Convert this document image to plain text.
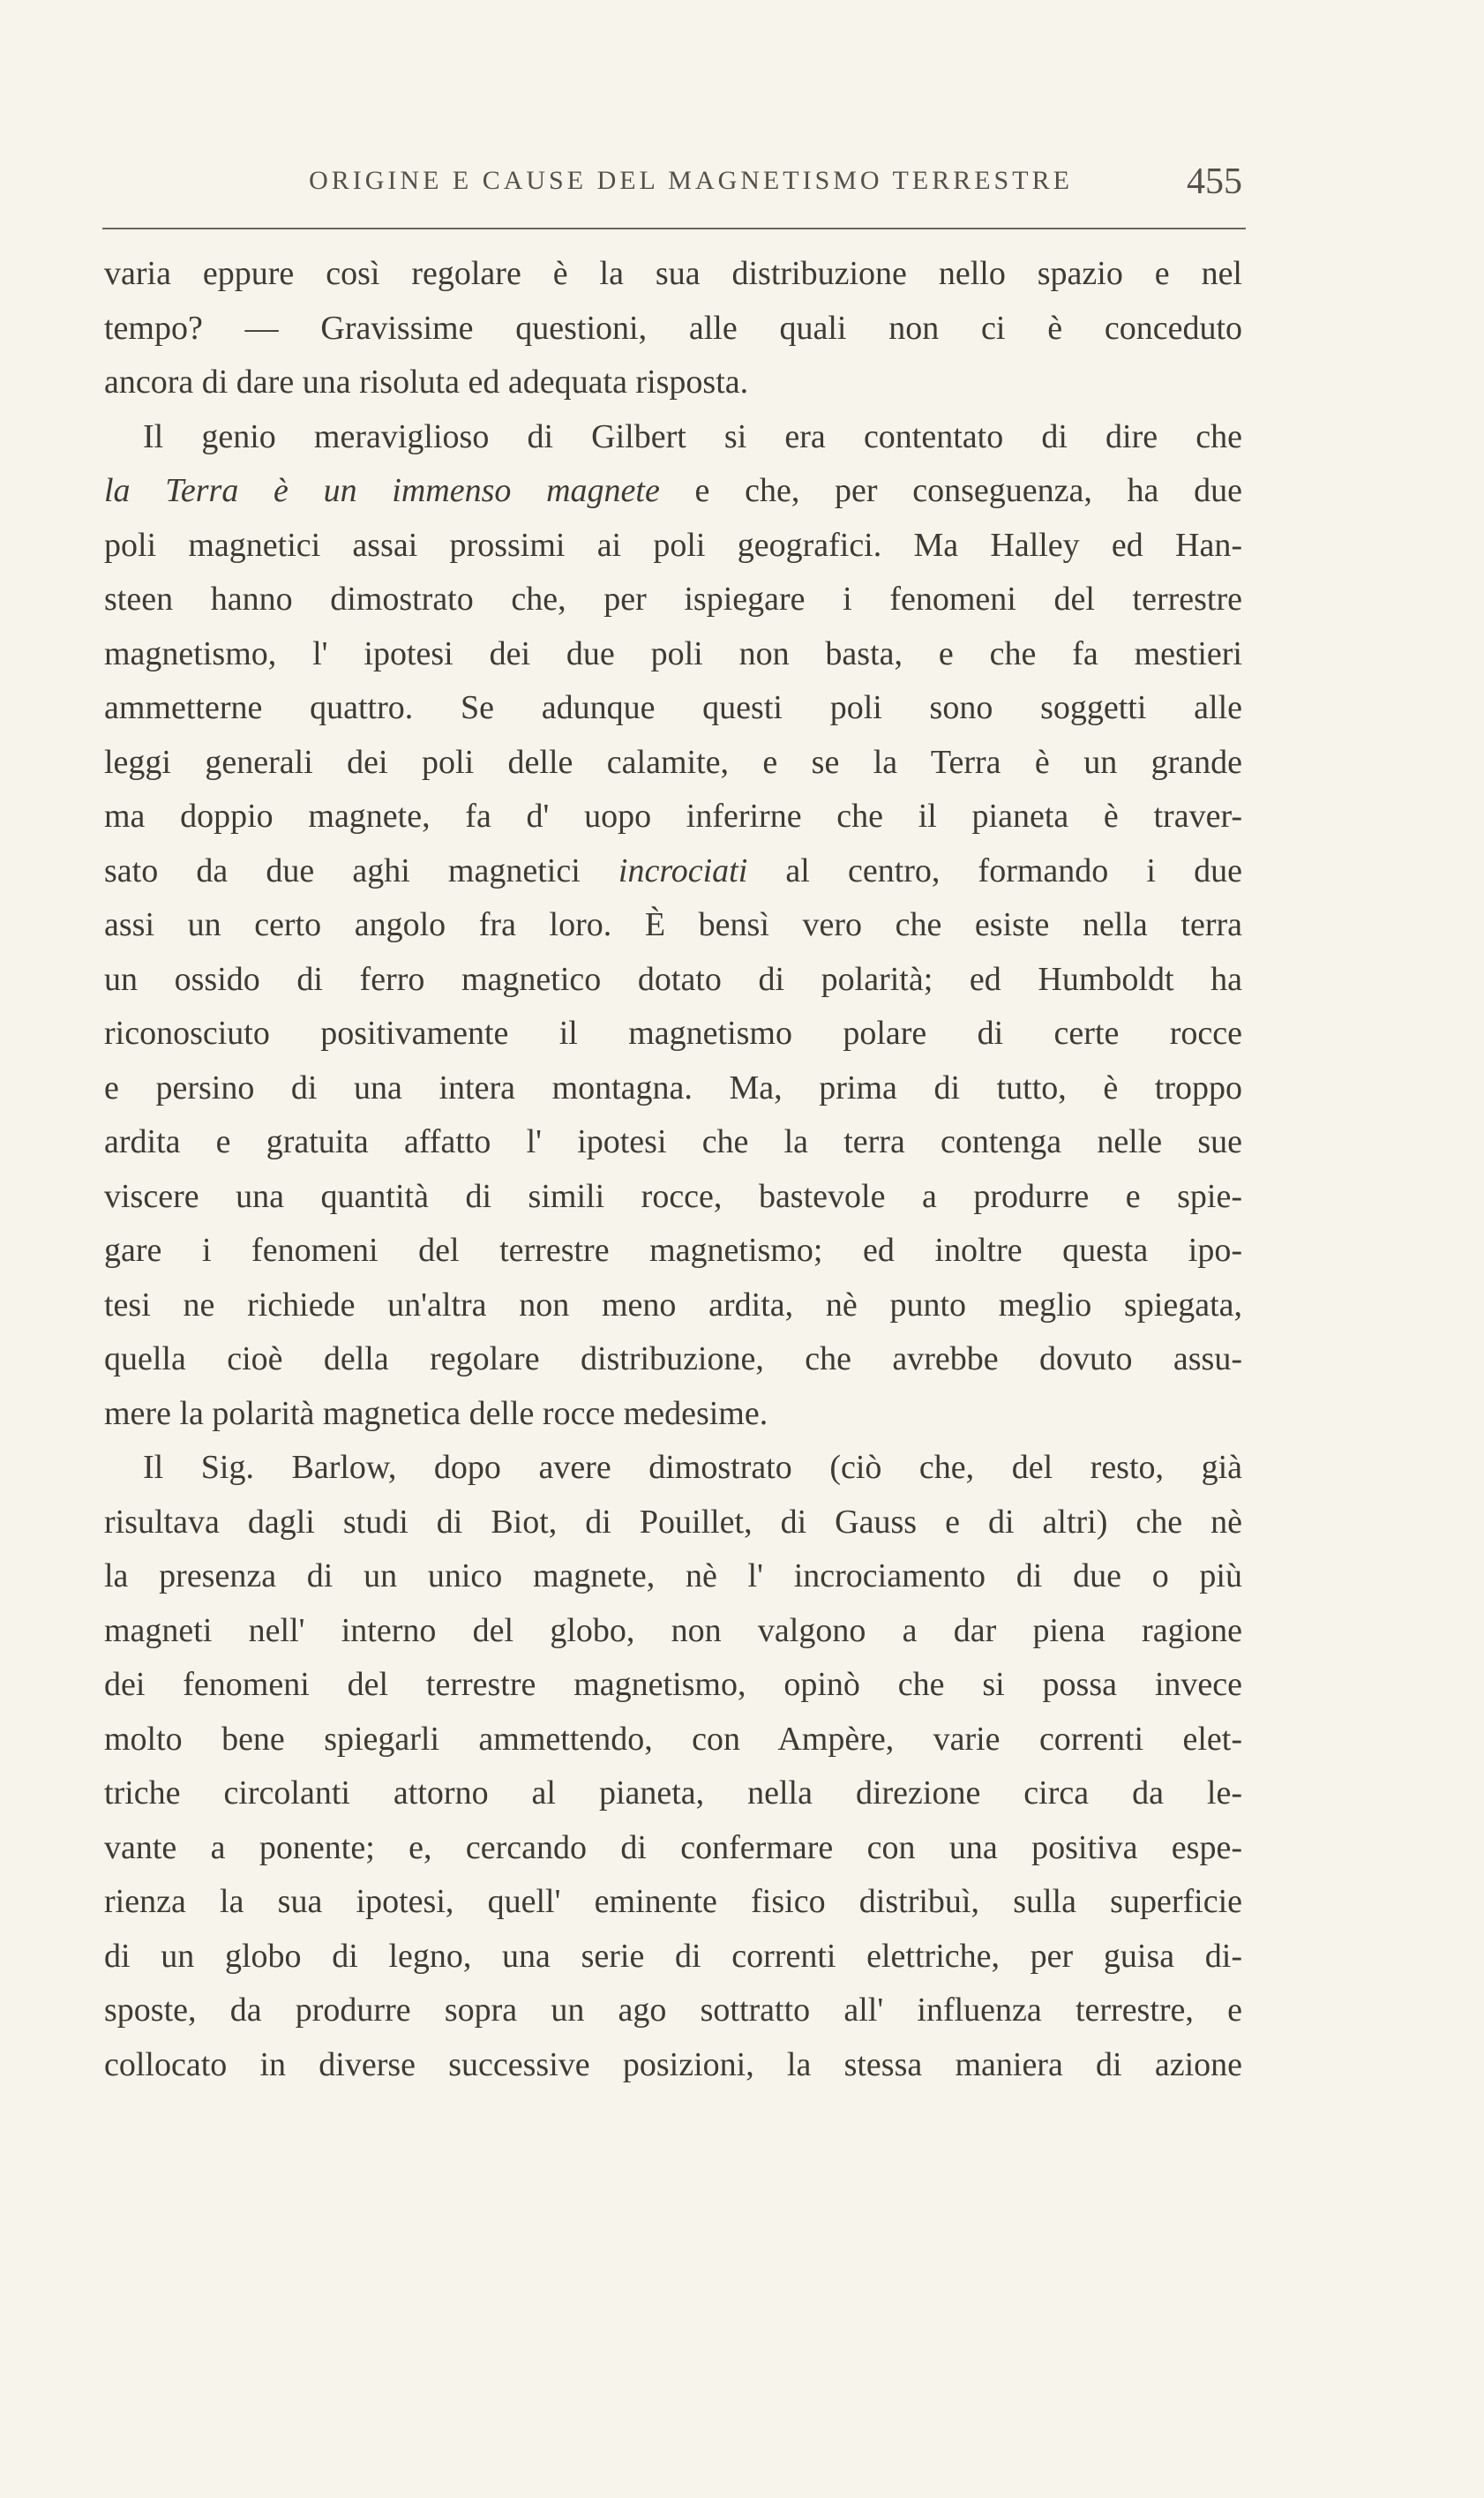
ORIGINE E CAUSE DEL MAGNETISMO TERRESTRE	455
varia eppure così regolare è la sua distribuzione nello spazio e nel
tempo? — Gravissime questioni, alle quali non ci è conceduto
ancora di dare una risoluta ed adequata risposta.
Il genio meraviglioso di Gilbert si era contentato di dire che
la Terra è un immenso magnete e che, per conseguenza, ha due
poli magnetici assai prossimi ai poli geografici. Ma Halley ed Han-
steen hanno dimostrato che, per ispiegare i fenomeni del terrestre
magnetismo, l' ipotesi dei due poli non basta, e che fa mestieri
ammetterne quattro. Se adunque questi poli sono soggetti alle
leggi generali dei poli delle calamite, e se la Terra è un grande
ma doppio magnete, fa d' uopo inferirne che il pianeta è traver-
sato da due aghi magnetici incrociati al centro, formando i due
assi un certo angolo fra loro. È bensì vero che esiste nella terra
un ossido di ferro magnetico dotato di polarità; ed Humboldt ha
riconosciuto positivamente il magnetismo polare di certe rocce
e persino di una intera montagna. Ma, prima di tutto, è troppo
ardita e gratuita affatto l' ipotesi che la terra contenga nelle sue
viscere una quantità di simili rocce, bastevole a produrre e spie-
gare i fenomeni del terrestre magnetismo; ed inoltre questa ipo-
tesi ne richiede un'altra non meno ardita, nè punto meglio spiegata,
quella cioè della regolare distribuzione, che avrebbe dovuto assu-
mere la polarità magnetica delle rocce medesime.
Il Sig. Barlow, dopo avere dimostrato (ciò che, del resto, già
risultava dagli studi di Biot, di Pouillet, di Gauss e di altri) che nè
la presenza di un unico magnete, nè l' incrociamento di due o più
magneti nell' interno del globo, non valgono a dar piena ragione
dei fenomeni del terrestre magnetismo, opinò che si possa invece
molto bene spiegarli ammettendo, con Ampère, varie correnti elet-
triche circolanti attorno al pianeta, nella direzione circa da le-
vante a ponente; e, cercando di confermare con una positiva espe-
rienza la sua ipotesi, quell' eminente fisico distribuì, sulla superficie
di un globo di legno, una serie di correnti elettriche, per guisa di-
sposte, da produrre sopra un ago sottratto all' influenza terrestre, e
collocato in diverse successive posizioni, la stessa maniera di azione
